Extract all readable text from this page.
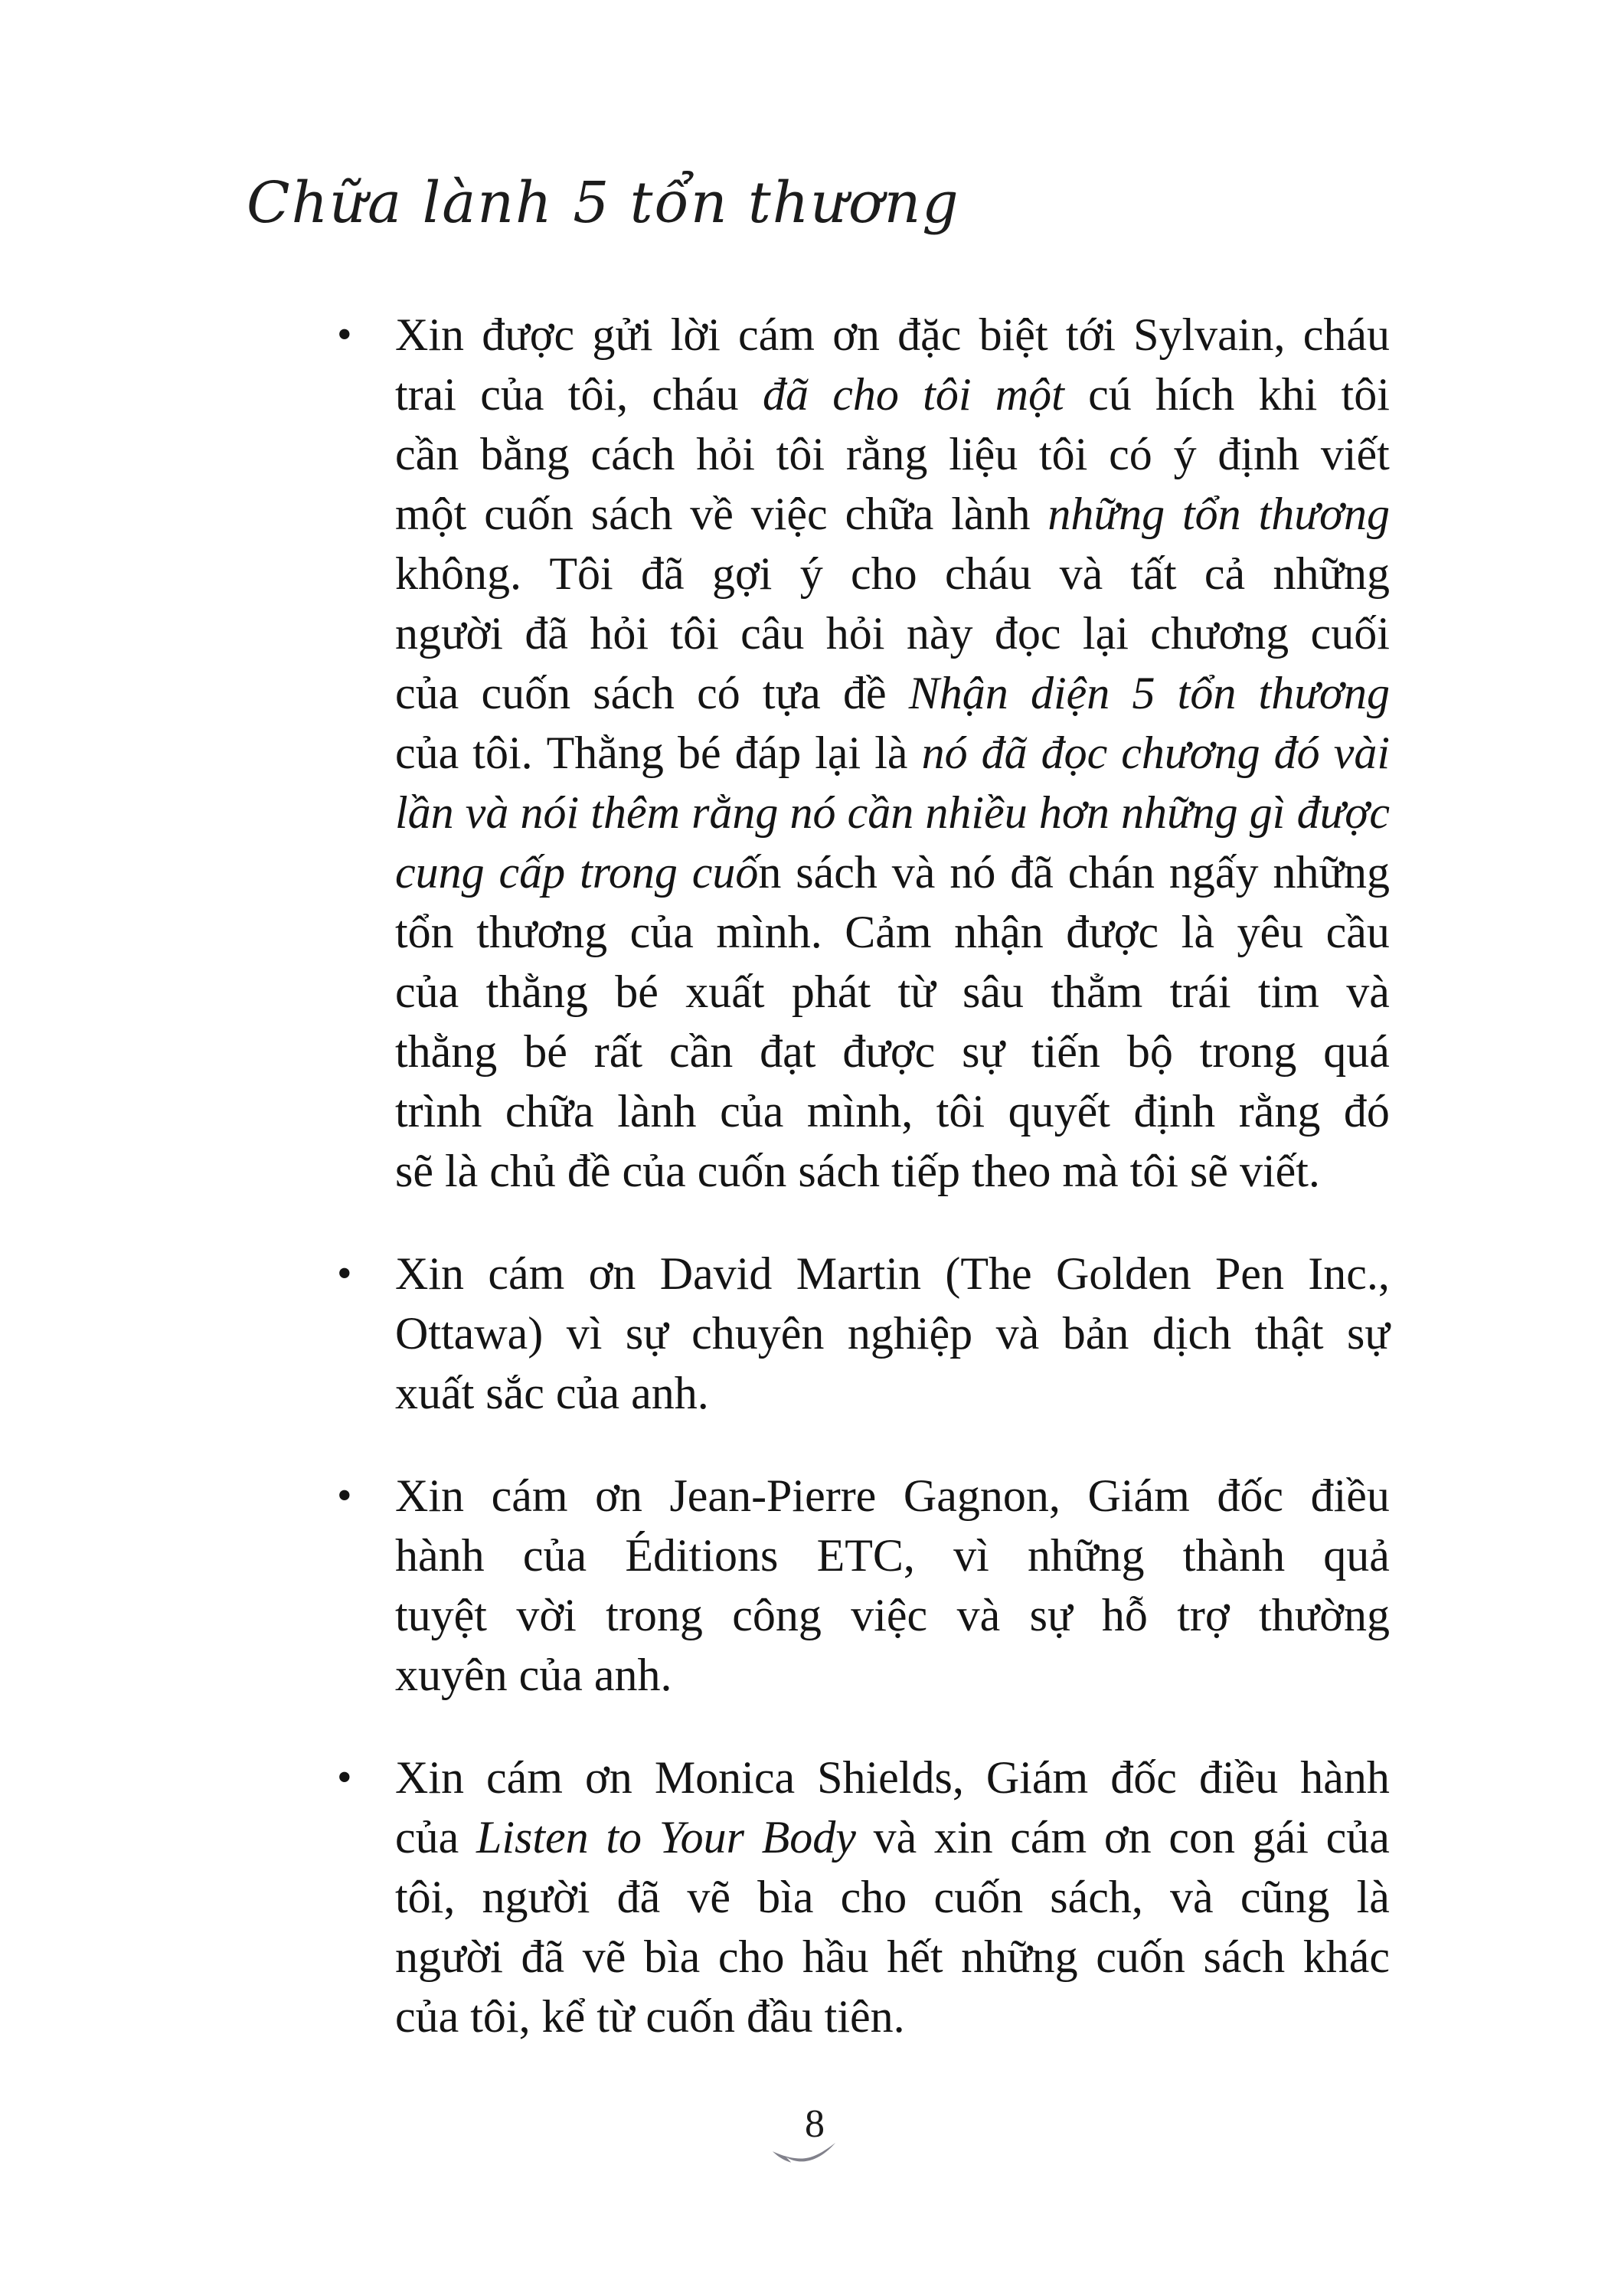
Chữa lành 5 tổn thương
• Xin được gửi lời cám ơn đặc biệt tới Sylvain, cháu
trai của tôi, cháu đã cho tôi một cú hích khi tôi
cần bằng cách hỏi tôi rằng liệu tôi có ý định viết
một cuốn sách về việc chữa lành những tổn thương
không. Tôi đã gợi ý cho cháu và tất cả những
người đã hỏi tôi câu hỏi này đọc lại chương cuối
của cuốn sách có tựa đề Nhận diện 5 tổn thương
của tôi. Thằng bé đáp lại là nó đã đọc chương đó vài
lần và nói thêm rằng nó cần nhiều hơn những gì được
cung cấp trong cuốn sách và nó đã chán ngấy những
tổn thương của mình. Cảm nhận được là yêu cầu
của thằng bé xuất phát từ sâu thẳm trái tim và
thằng bé rất cần đạt được sự tiến bộ trong quá
trình chữa lành của mình, tôi quyết định rằng đó
sẽ là chủ đề của cuốn sách tiếp theo mà tôi sẽ viết.
• Xin cám ơn David Martin (The Golden Pen Inc.,
Ottawa) vì sự chuyên nghiệp và bản dịch thật sự
xuất sắc của anh.
• Xin cám ơn Jean-Pierre Gagnon, Giám đốc điều
hành của Éditions ETC, vì những thành quả
tuyệt vời trong công việc và sự hỗ trợ thường
xuyên của anh.
• Xin cám ơn Monica Shields, Giám đốc điều hành
của Listen to Your Body và xin cám ơn con gái của
tôi, người đã vẽ bìa cho cuốn sách, và cũng là
người đã vẽ bìa cho hầu hết những cuốn sách khác
của tôi, kể từ cuốn đầu tiên.
8
